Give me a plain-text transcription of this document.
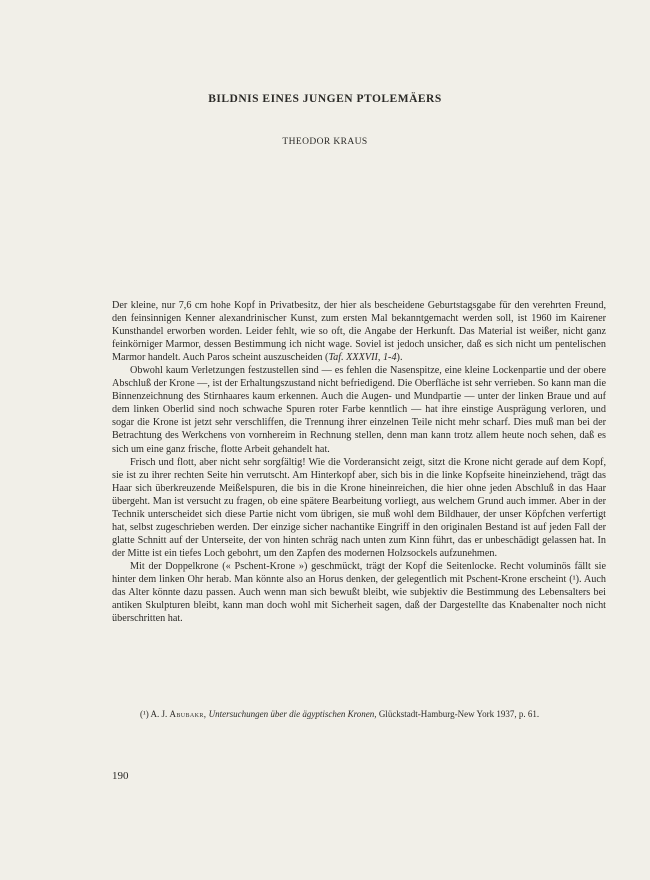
BILDNIS EINES JUNGEN PTOLEMÄERS
THEODOR KRAUS

Der kleine, nur 7,6 cm hohe Kopf in Privatbesitz, der hier als bescheidene Geburtstagsgabe für den verehrten Freund, den feinsinnigen Kenner alexandrinischer Kunst, zum ersten Mal bekanntgemacht werden soll, ist 1960 im Kairener Kunsthandel erworben worden. Leider fehlt, wie so oft, die Angabe der Herkunft. Das Material ist weißer, nicht ganz feinkörniger Marmor, dessen Bestimmung ich nicht wage. Soviel ist jedoch unsicher, daß es sich nicht um pentelischen Marmor handelt. Auch Paros scheint auszuscheiden (Taf. XXXVII, 1-4).

Obwohl kaum Verletzungen festzustellen sind — es fehlen die Nasenspitze, eine kleine Lockenpartie und der obere Abschluß der Krone —, ist der Erhaltungszustand nicht befriedigend. Die Oberfläche ist sehr verrieben. So kann man die Binnenzeichnung des Stirnhaares kaum erkennen. Auch die Augen- und Mundpartie — unter der linken Braue und auf dem linken Oberlid sind noch schwache Spuren roter Farbe kenntlich — hat ihre einstige Ausprägung verloren, und sogar die Krone ist jetzt sehr verschliffen, die Trennung ihrer einzelnen Teile nicht mehr scharf. Dies muß man bei der Betrachtung des Werkchens von vornhereim in Rechnung stellen, denn man kann trotz allem heute noch sehen, daß es sich um eine ganz frische, flotte Arbeit gehandelt hat.

Frisch und flott, aber nicht sehr sorgfältig! Wie die Vorderansicht zeigt, sitzt die Krone nicht gerade auf dem Kopf, sie ist zu ihrer rechten Seite hin verrutscht. Am Hinterkopf aber, sich bis in die linke Kopfseite hineinziehend, trägt das Haar sich überkreuzende Meißelspuren, die bis in die Krone hineinreichen, die hier ohne jeden Abschluß in das Haar übergeht. Man ist versucht zu fragen, ob eine spätere Bearbeitung vorliegt, aus welchem Grund auch immer. Aber in der Technik unterscheidet sich diese Partie nicht vom übrigen, sie muß wohl dem Bildhauer, der unser Köpfchen verfertigt hat, selbst zugeschrieben werden. Der einzige sicher nachantike Eingriff in den originalen Bestand ist auf jeden Fall der glatte Schnitt auf der Unterseite, der von hinten schräg nach unten zum Kinn führt, das er unbeschädigt gelassen hat. In der Mitte ist ein tiefes Loch gebohrt, um den Zapfen des modernen Holzsockels aufzunehmen.

Mit der Doppelkrone (« Pschent-Krone ») geschmückt, trägt der Kopf die Seitenlocke. Recht voluminös fällt sie hinter dem linken Ohr herab. Man könnte also an Horus denken, der gelegentlich mit Pschent-Krone erscheint (¹). Auch das Alter könnte dazu passen. Auch wenn man sich bewußt bleibt, wie subjektiv die Bestimmung des Lebensalters bei antiken Skulpturen bleibt, kann man doch wohl mit Sicherheit sagen, daß der Dargestellte das Knabenalter noch nicht überschritten hat.

(¹) A. J. Abubakr, Untersuchungen über die ägyptischen Kronen, Glückstadt-Hamburg-New York 1937, p. 61.
190
